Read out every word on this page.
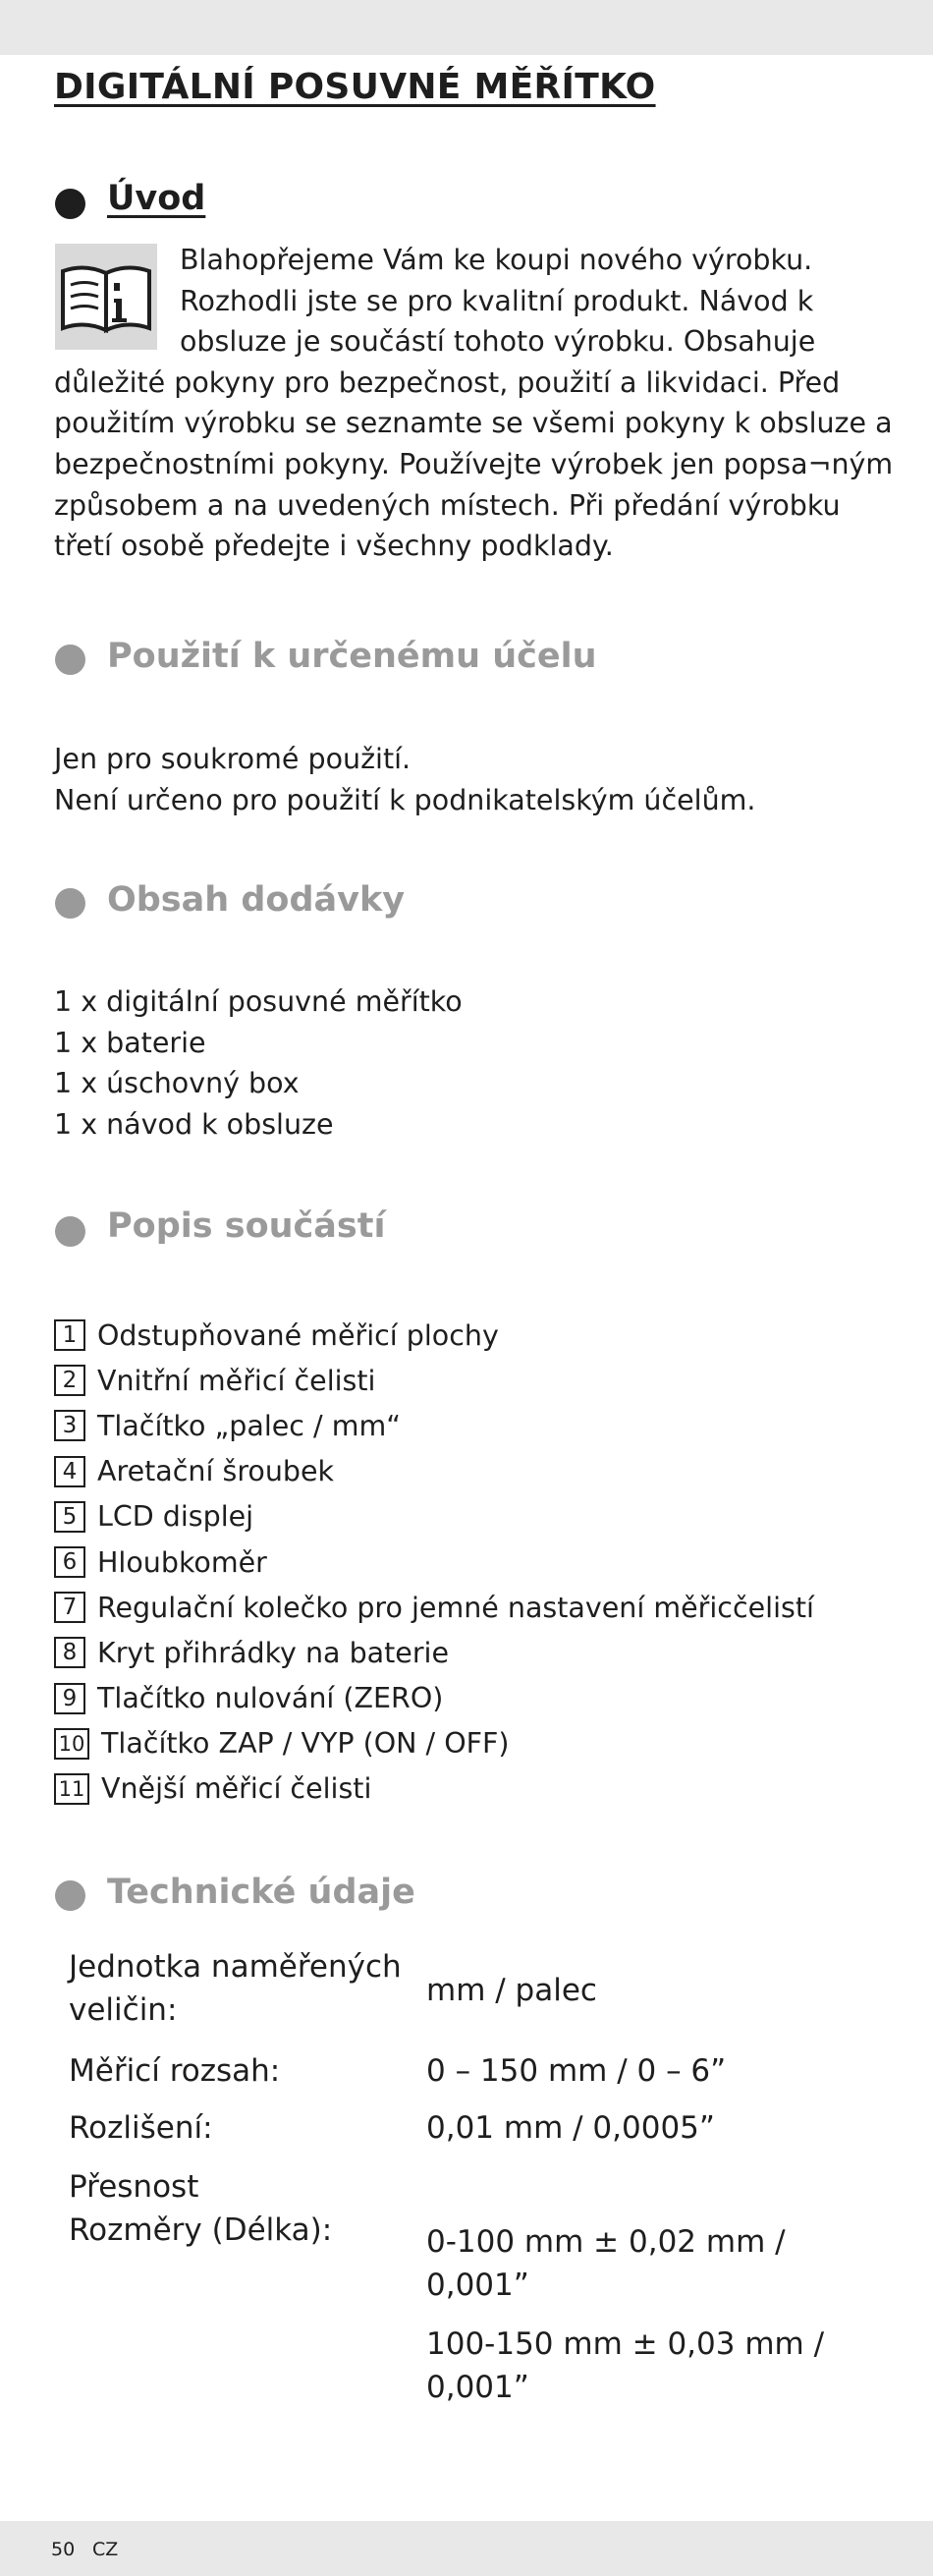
DIGITÁLNÍ POSUVNÉ MĚŘÍTKO
Úvod

Blahopřejeme Vám ke koupi nového výrobku. Rozhodli jste se pro kvalitní produkt. Návod k obsluze je součástí tohoto výrobku. Obsahuje důležité pokyny pro bezpečnost, použití a likvidaci. Před použitím výrobku se seznamte se všemi pokyny k obsluze a bezpečnostními pokyny. Používejte výrobek jen popsa¬ným způsobem a na uvedených místech. Při předání výrobku třetí osobě předejte i všechny podklady.

Použití k určenému účelu

Jen pro soukromé použití.

Není určeno pro použití k podnikatelským účelům.

Obsah dodávky
1 x digitální posuvné měřítko
1 x baterie
1 x úschovný box
1 x návod k obsluze
Popis součástí
1 Odstupňované měřicí plochy
2 Vnitřní měřicí čelisti
3 Tlačítko „palec / mm“
4 Aretační šroubek
5 LCD displej
6 Hloubkoměr
7 Regulační kolečko pro jemné nastavení měřicčelistí
8 Kryt přihrádky na baterie
9 Tlačítko nulování (ZERO)
10 Tlačítko ZAP / VYP (ON / OFF)
11 Vnější měřicí čelisti
Technické údaje

Jednotka naměřených veličin:

mm / palec

Měřicí rozsah:	0 – 150 mm / 0 – 6”

Rozlišení:	0,01 mm / 0,0005”

Přesnost

Rozměry (Délka):	0-100 mm ± 0,02 mm / 0,001”

100-150 mm ± 0,03 mm / 0,001”

50 CZ
